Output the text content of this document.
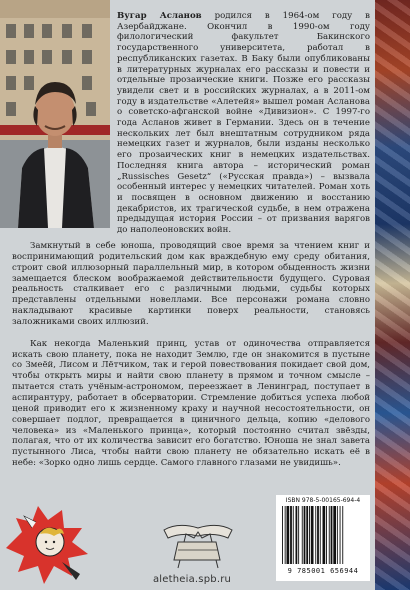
Вугар Асланов родился в 1964-ом году в Азербайджане. Окончил в 1990-ом году филологический факультет Бакинского государственного университета, работал в республиканских газетах. В Баку были опубликованы в литературных журналах его рассказы и повести и отдельные прозаические книги. Позже его рассказы увидели свет и в российских журналах, а в 2011-ом году в издательстве «Алетейя» вышел роман Асланова о советско-афганской войне «Дивизион». С 1997-го года Асланов живет в Германии. Здесь он в течение нескольких лет был внештатным сотрудником ряда немецких газет и журналов, были изданы несколько его прозаических книг в немецких издательствах. Последняя книга автора – исторический роман „Russisches Gesetz“ («Русская правда») – вызвала особенный интерес у немецких читателей. Роман хоть и посвящен в основном движению и восстанию декабристов, их трагической судьбе, в нем отражена предыдущая история России – от призвания варягов до наполеоновских войн.

Замкнутый в себе юноша, проводящий свое время за чтением книг и воспринимающий родительский дом как враждебную ему среду обитания, строит свой иллюзорный параллельный мир, в котором обыденность жизни замещается блеском воображаемой действительности будущего. Суровая реальность сталкивает его с различными людьми, судьбы которых представлены отдельными новеллами. Все персонажи романа словно накладывают красивые картинки поверх реальности, становясь заложниками своих иллюзий.

Как некогда Маленький принц, устав от одиночества отправляется искать свою планету, пока не находит Землю, где он знакомится в пустыне со Змеёй, Лисом и Лётчиком, так и герой повествования покидает свой дом, чтобы открыть миры и найти свою планету в прямом и точном смысле – пытается стать учёным-астрономом, переезжает в Ленинград, поступает в аспирантуру, работает в обсерватории. Стремление добиться успеха любой ценой приводит его к жизненному краху и научной несостоятельности, он совершает подлог, превращается в циничного дельца, копию «делового человека» из «Маленького принца», который постоянно считал звёзды, полагая, что от их количества зависит его богатство. Юноша не знал завета пустынного Лиса, чтобы найти свою планету не обязательно искать её в небе: «Зорко одно лишь сердце. Самого главного глазами не увидишь».

aletheia.spb.ru
ISBN 978-5-00165-694-4
9 785001 656944
